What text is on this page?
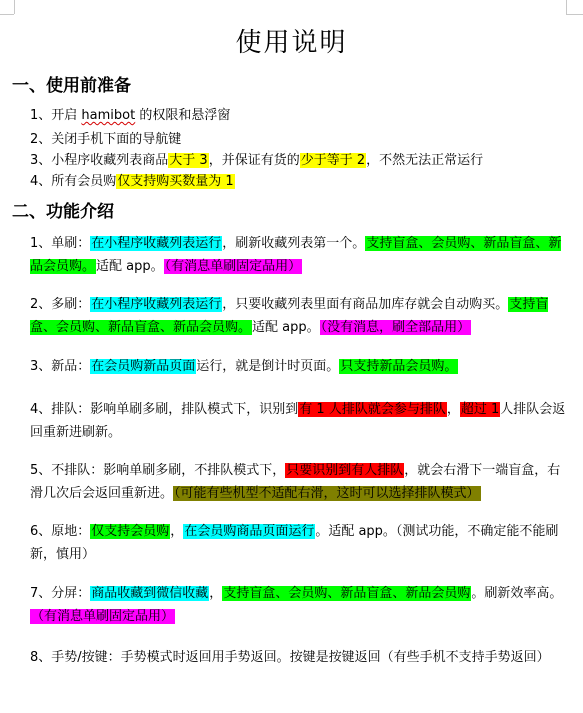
使用说明
一、使用前准备
1、开启 hamibot 的权限和悬浮窗
2、关闭手机下面的导航键
3、小程序收藏列表商品大于 3，并保证有货的少于等于 2，不然无法正常运行
4、所有会员购仅支持购买数量为 1
二、功能介绍
1、单刷：在小程序收藏列表运行，刷新收藏列表第一个。支持盲盒、会员购、新品盲盒、新品会员购。适配 app。（有消息单刷固定品用）
2、多刷：在小程序收藏列表运行，只要收藏列表里面有商品加库存就会自动购买。支持盲盒、会员购、新品盲盒、新品会员购。适配 app。（没有消息，刷全部品用）
3、新品：在会员购新品页面运行，就是倒计时页面。只支持新品会员购。
4、排队：影响单刷多刷，排队模式下，识别到有 1 人排队就会参与排队，超过 1人排队会返回重新进刷新。
5、不排队：影响单刷多刷，不排队模式下，只要识别到有人排队，就会右滑下一端盲盒，右滑几次后会返回重新进。（可能有些机型不适配右滑，这时可以选择排队模式）
6、原地：仅支持会员购，在会员购商品页面运行。适配 app。（测试功能，不确定能不能刷新，慎用）
7、分屏：商品收藏到微信收藏，支持盲盒、会员购、新品盲盒、新品会员购。刷新效率高。（有消息单刷固定品用）
8、手势/按键：手势模式时返回用手势返回。按键是按键返回（有些手机不支持手势返回）
